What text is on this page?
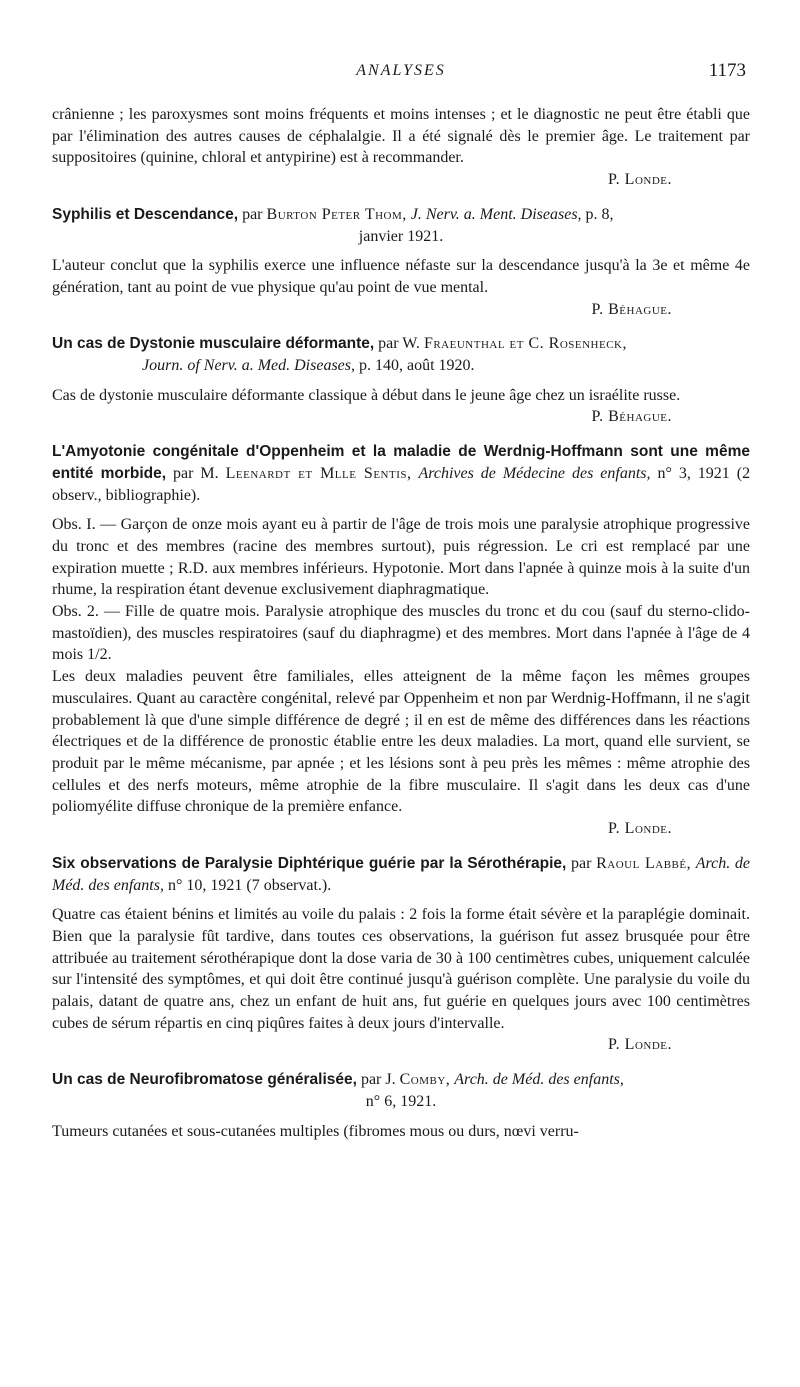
ANALYSES	1173

crânienne ; les paroxysmes sont moins fréquents et moins intenses ; et le diagnostic ne peut être établi que par l'élimination des autres causes de céphalalgie. Il a été signalé dès le premier âge. Le traitement par suppositoires (quinine, chloral et antypirine) est à recommander.

P. Londe.

Syphilis et Descendance, par Burton Peter Thom, J. Nerv. a. Ment. Diseases, p. 8,
janvier 1921.

L'auteur conclut que la syphilis exerce une influence néfaste sur la descendance jusqu'à la 3e et même 4e génération, tant au point de vue physique qu'au point de vue mental.

P. Béhague.

Un cas de Dystonie musculaire déformante, par W. Fraeunthal et C. Rosenheck,
Journ. of Nerv. a. Med. Diseases, p. 140, août 1920.

Cas de dystonie musculaire déformante classique à début dans le jeune âge chez un israélite russe.

P. Béhague.

L'Amyotonie congénitale d'Oppenheim et la maladie de Werdnig-Hoffmann sont une même entité morbide, par M. Leenardt et Mlle Sentis, Archives de Médecine des enfants, n° 3, 1921 (2 observ., bibliographie).

Obs. I. — Garçon de onze mois ayant eu à partir de l'âge de trois mois une paralysie atrophique progressive du tronc et des membres (racine des membres surtout), puis régression. Le cri est remplacé par une expiration muette ; R.D. aux membres inférieurs. Hypotonie. Mort dans l'apnée à quinze mois à la suite d'un rhume, la respiration étant devenue exclusivement diaphragmatique.

Obs. 2. — Fille de quatre mois. Paralysie atrophique des muscles du tronc et du cou (sauf du sterno-clido-mastoïdien), des muscles respiratoires (sauf du diaphragme) et des membres. Mort dans l'apnée à l'âge de 4 mois 1/2.

Les deux maladies peuvent être familiales, elles atteignent de la même façon les mêmes groupes musculaires. Quant au caractère congénital, relevé par Oppenheim et non par Werdnig-Hoffmann, il ne s'agit probablement là que d'une simple différence de degré ; il en est de même des différences dans les réactions électriques et de la différence de pronostic établie entre les deux maladies. La mort, quand elle survient, se produit par le même mécanisme, par apnée ; et les lésions sont à peu près les mêmes : même atrophie des cellules et des nerfs moteurs, même atrophie de la fibre musculaire. Il s'agit dans les deux cas d'une poliomyélite diffuse chronique de la première enfance.

P. Londe.

Six observations de Paralysie Diphtérique guérie par la Sérothérapie, par Raoul Labbé, Arch. de Méd. des enfants, n° 10, 1921 (7 observat.).

Quatre cas étaient bénins et limités au voile du palais : 2 fois la forme était sévère et la paraplégie dominait. Bien que la paralysie fût tardive, dans toutes ces observations, la guérison fut assez brusquée pour être attribuée au traitement sérothérapique dont la dose varia de 30 à 100 centimètres cubes, uniquement calculée sur l'intensité des symptômes, et qui doit être continué jusqu'à guérison complète. Une paralysie du voile du palais, datant de quatre ans, chez un enfant de huit ans, fut guérie en quelques jours avec 100 centimètres cubes de sérum répartis en cinq piqûres faites à deux jours d'intervalle.

P. Londe.

Un cas de Neurofibromatose généralisée, par J. Comby, Arch. de Méd. des enfants,
n° 6, 1921.

Tumeurs cutanées et sous-cutanées multiples (fibromes mous ou durs, nœvi verru-
